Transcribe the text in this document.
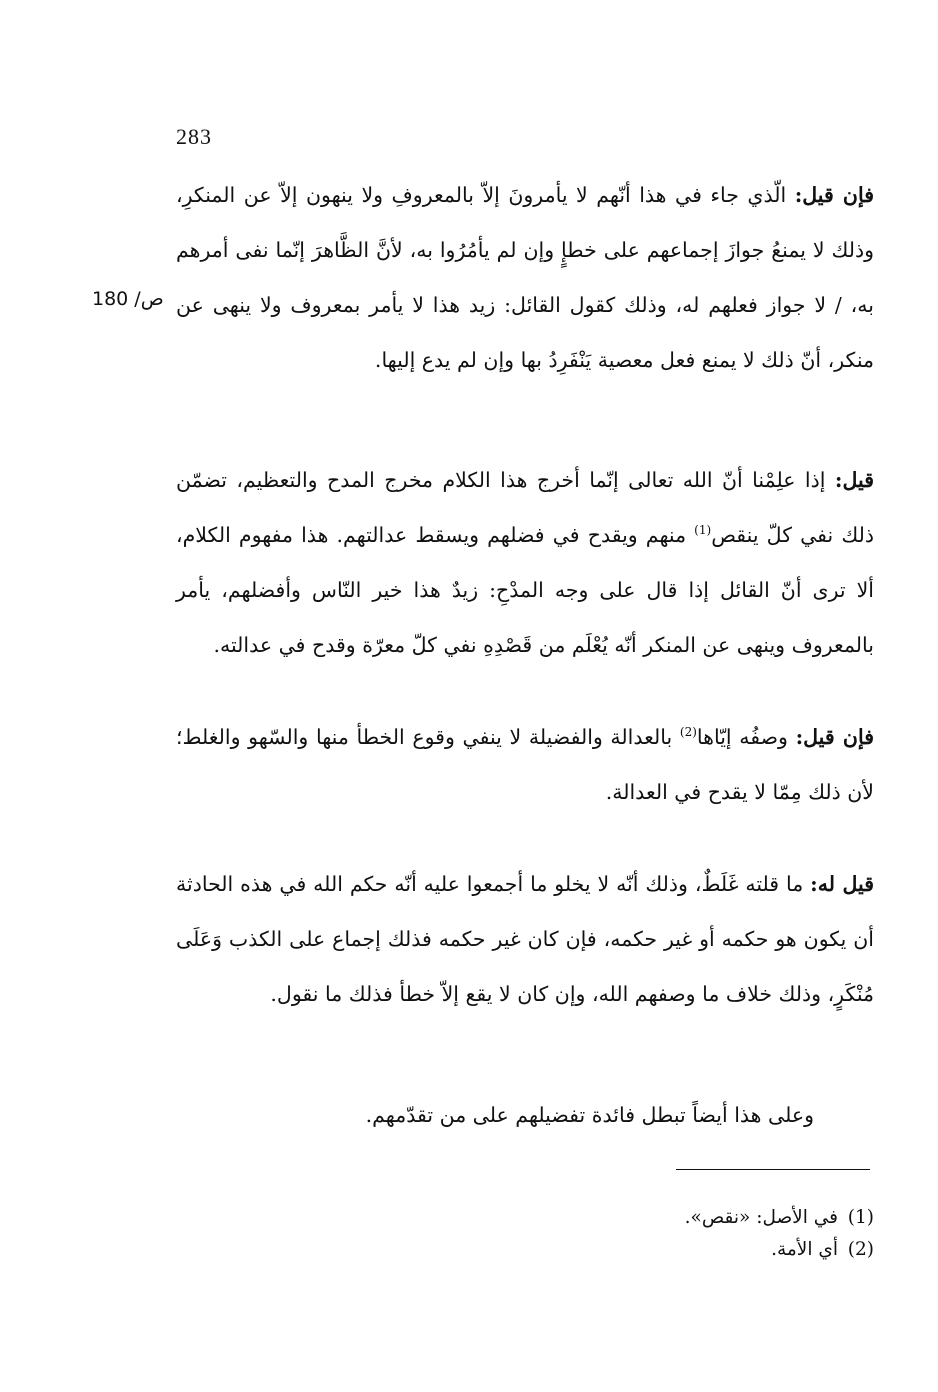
283
ص/ 180
فإن قيل: الّذي جاء في هذا أنّهم لا يأمرونَ إلاّ بالمعروفِ ولا ينهون إلاّ عن المنكرِ، وذلك لا يمنعُ جوازَ إجماعهم على خطإٍ وإن لم يأمُرُوا به، لأنَّ الظَّاهرَ إنّما نفى أمرهم به، / لا جواز فعلهم له، وذلك كقول القائل: زيد هذا لا يأمر بمعروف ولا ينهى عن منكر، أنّ ذلك لا يمنع فعل معصية يَنْفَرِدُ بها وإن لم يدع إليها.
قيل: إذا علِمْنا أنّ الله تعالى إنّما أخرج هذا الكلام مخرج المدح والتعظيم، تضمّن ذلك نفي كلّ ينقص$^{(1)}$ منهم ويقدح في فضلهم ويسقط عدالتهم. هذا مفهوم الكلام، ألا ترى أنّ القائل إذا قال على وجه المدْحِ: زيدٌ هذا خير النّاس وأفضلهم، يأمر بالمعروف وينهى عن المنكر أنّه يُعْلَم من قَصْدِهِ نفي كلّ معرّة وقدح في عدالته.
فإن قيل: وصفُه إيّاها$^{(2)}$ بالعدالة والفضيلة لا ينفي وقوع الخطأ منها والسّهو والغلط؛ لأن ذلك مِمّا لا يقدح في العدالة.
قيل له: ما قلته غَلَطٌ، وذلك أنّه لا يخلو ما أجمعوا عليه أنّه حكم الله في هذه الحادثة أن يكون هو حكمه أو غير حكمه، فإن كان غير حكمه فذلك إجماع على الكذب وَعَلَى مُنْكَرٍ، وذلك خلاف ما وصفهم الله، وإن كان لا يقع إلاّ خطأ فذلك ما نقول.
وعلى هذا أيضاً تبطل فائدة تفضيلهم على من تقدّمهم.
(1)في الأصل: «نقص».
(2)أي الأمة.
